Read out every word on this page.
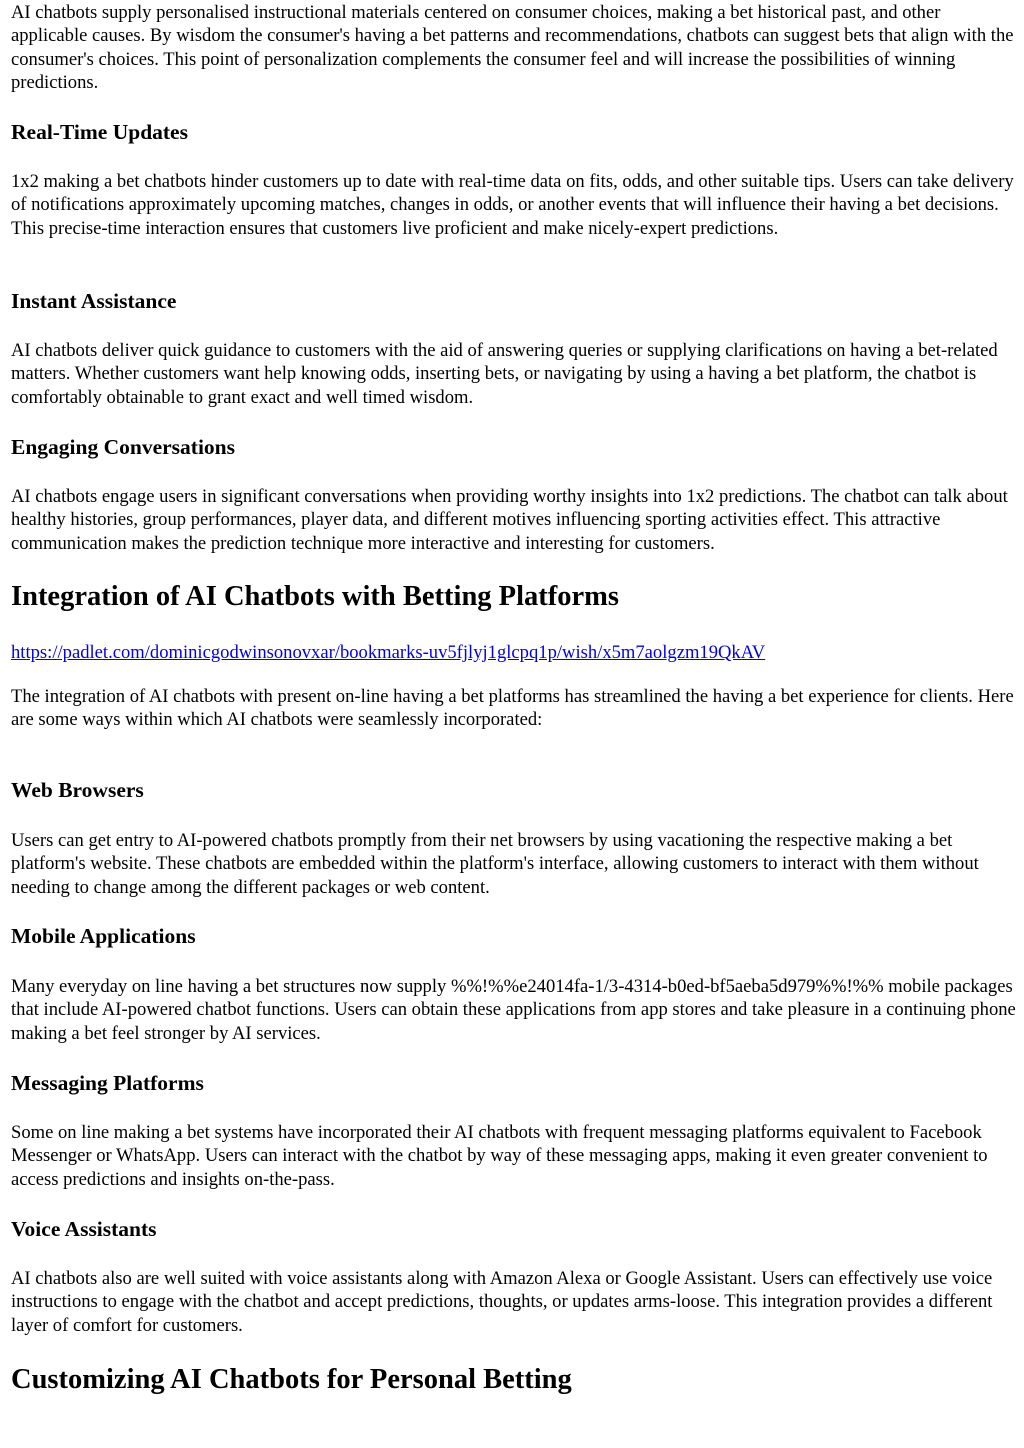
AI chatbots supply personalised instructional materials centered on consumer choices, making a bet historical past, and other applicable causes. By wisdom the consumer's having a bet patterns and recommendations, chatbots can suggest bets that align with the consumer's choices. This point of personalization complements the consumer feel and will increase the possibilities of winning predictions.

Real-Time Updates

1x2 making a bet chatbots hinder customers up to date with real-time data on fits, odds, and other suitable tips. Users can take delivery of notifications approximately upcoming matches, changes in odds, or another events that will influence their having a bet decisions. This precise-time interaction ensures that customers live proficient and make nicely-expert predictions.

Instant Assistance

AI chatbots deliver quick guidance to customers with the aid of answering queries or supplying clarifications on having a bet-related matters. Whether customers want help knowing odds, inserting bets, or navigating by using a having a bet platform, the chatbot is comfortably obtainable to grant exact and well timed wisdom.

Engaging Conversations

AI chatbots engage users in significant conversations when providing worthy insights into 1x2 predictions. The chatbot can talk about healthy histories, group performances, player data, and different motives influencing sporting activities effect. This attractive communication makes the prediction technique more interactive and interesting for customers.

Integration of AI Chatbots with Betting Platforms
https://padlet.com/dominicgodwinsonovxar/bookmarks-uv5fjlyj1glcpq1p/wish/x5m7aolgzm19QkAV

The integration of AI chatbots with present on-line having a bet platforms has streamlined the having a bet experience for clients. Here are some ways within which AI chatbots were seamlessly incorporated:

Web Browsers

Users can get entry to AI-powered chatbots promptly from their net browsers by using vacationing the respective making a bet platform's website. These chatbots are embedded within the platform's interface, allowing customers to interact with them without needing to change among the different packages or web content.

Mobile Applications

Many everyday on line having a bet structures now supply %%!%%e24014fa-1/3-4314-b0ed-bf5aeba5d979%%!%% mobile packages that include AI-powered chatbot functions. Users can obtain these applications from app stores and take pleasure in a continuing phone making a bet feel stronger by AI services.

Messaging Platforms

Some on line making a bet systems have incorporated their AI chatbots with frequent messaging platforms equivalent to Facebook Messenger or WhatsApp. Users can interact with the chatbot by way of these messaging apps, making it even greater convenient to access predictions and insights on-the-pass.

Voice Assistants

AI chatbots also are well suited with voice assistants along with Amazon Alexa or Google Assistant. Users can effectively use voice instructions to engage with the chatbot and accept predictions, thoughts, or updates arms-loose. This integration provides a different layer of comfort for customers.

Customizing AI Chatbots for Personal Betting
